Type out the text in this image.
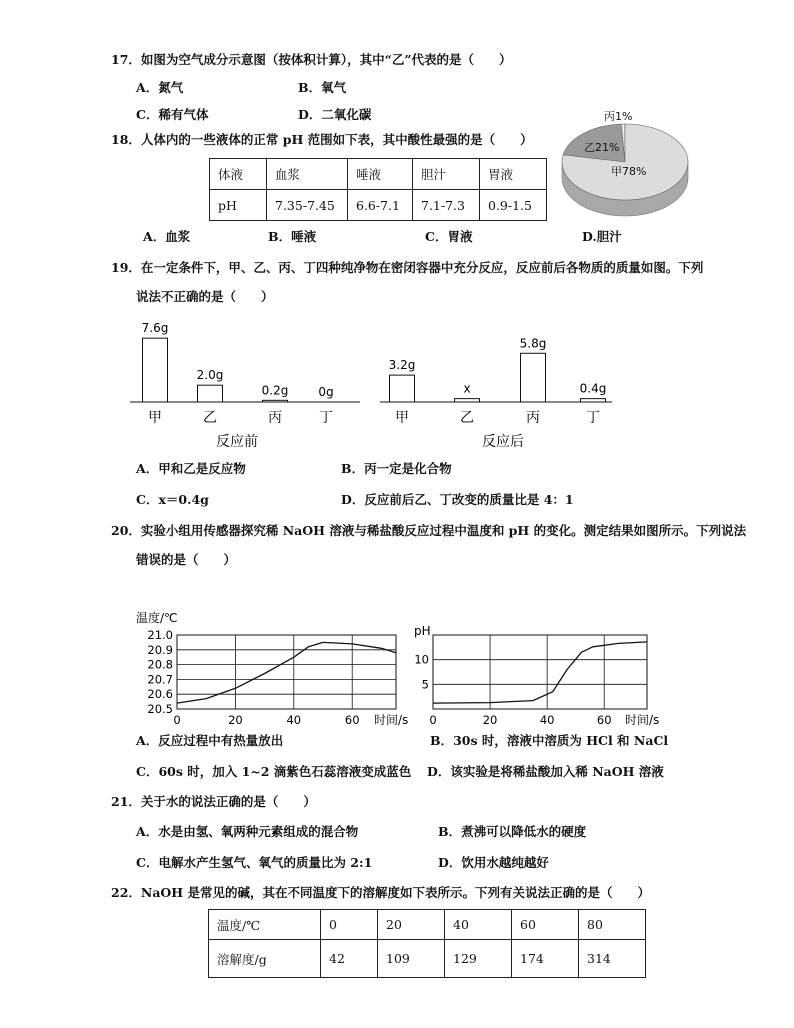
17．如图为空气成分示意图（按体积计算），其中“乙”代表的是（　　）
A．氮气	B．氧气
C．稀有气体	D．二氧化碳	丙1%
乙21%
甲78%
18．人体内的一些液体的正常 pH 范围如下表，其中酸性最强的是（　　）
体液	血浆	唾液	胆汁	胃液
pH	7.35-7.45	6.6-7.1	7.1-7.3	0.9-1.5
A．血浆	B．唾液	C．胃液	D.胆汁
19．在一定条件下，甲、乙、丙、丁四种纯净物在密闭容器中充分反应，反应前后各物质的质量如图。下列
说法不正确的是（　　）
7.6g
甲
2.0g
乙
0.2g
丙
0g
丁
反应前
3.2g
甲
x
乙
5.8g
丙
0.4g
丁
反应后
A．甲和乙是反应物	B．丙一定是化合物
C．x＝0.4g	D．反应前后乙、丁改变的质量比是 4：1
20．实验小组用传感器探究稀 NaOH 溶液与稀盐酸反应过程中温度和 pH 的变化。测定结果如图所示。下列说法
错误的是（　　）
0	20	40	60
20.5
20.6
20.7
20.8
20.9
21.0
温度/℃
时间/s 0	20	40	60
5
10
pH
时间/s
A．反应过程中有热量放出	B．30s 时，溶液中溶质为 HCl 和 NaCl
C．60s 时，加入 1~2 滴紫色石蕊溶液变成蓝色 D．该实验是将稀盐酸加入稀 NaOH 溶液
21．关于水的说法正确的是（　　）
A．水是由氢、氧两种元素组成的混合物	B．煮沸可以降低水的硬度
C．电解水产生氢气、氧气的质量比为 2:1	D．饮用水越纯越好
22．NaOH 是常见的碱，其在不同温度下的溶解度如下表所示。下列有关说法正确的是（　　）
温度/℃	0	20	40	60	80
溶解度/g	42	109	129	174	314
